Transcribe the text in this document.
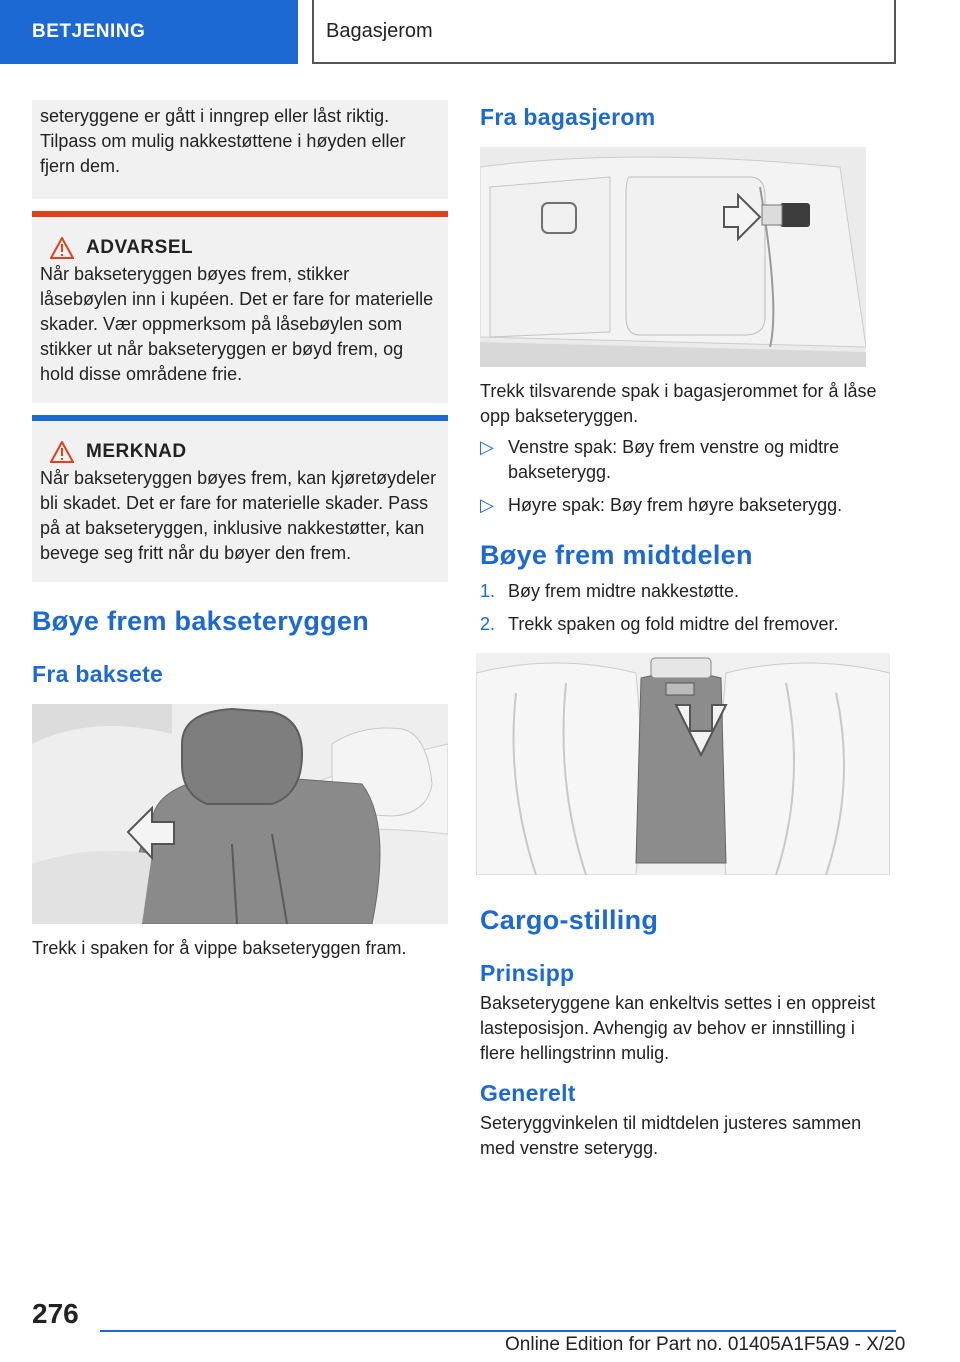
BETJENING	Bagasjerom

seteryggene er gått i inngrep eller låst riktig. Tilpass om mulig nakkestøttene i høyden eller fjern dem.

ADVARSEL

Når bakseteryggen bøyes frem, stikker låsebøylen inn i kupéen. Det er fare for materielle skader. Vær oppmerksom på låsebøylen som stikker ut når bakseteryggen er bøyd frem, og hold disse områdene frie.

MERKNAD

Når bakseteryggen bøyes frem, kan kjøretøydeler bli skadet. Det er fare for materielle skader. Pass på at bakseteryggen, inklusive nakkestøtter, kan bevege seg fritt når du bøyer den frem.

Bøye frem bakseteryggen
Fra baksete

Trekk i spaken for å vippe bakseteryggen fram.

Fra bagasjerom

Trekk tilsvarende spak i bagasjerommet for å låse opp bakseteryggen.

▷ Venstre spak: Bøy frem venstre og midtre bakseterygg.
▷ Høyre spak: Bøy frem høyre bakseterygg.
Bøye frem midtdelen
1. Bøy frem midtre nakkestøtte.
2. Trekk spaken og fold midtre del fremover.
Cargo-stilling
Prinsipp

Bakseteryggene kan enkeltvis settes i en oppreist lasteposisjon. Avhengig av behov er innstilling i flere hellingstrinn mulig.

Generelt

Seteryggvinkelen til midtdelen justeres sammen med venstre seterygg.

276
Online Edition for Part no. 01405A1F5A9 - X/20
